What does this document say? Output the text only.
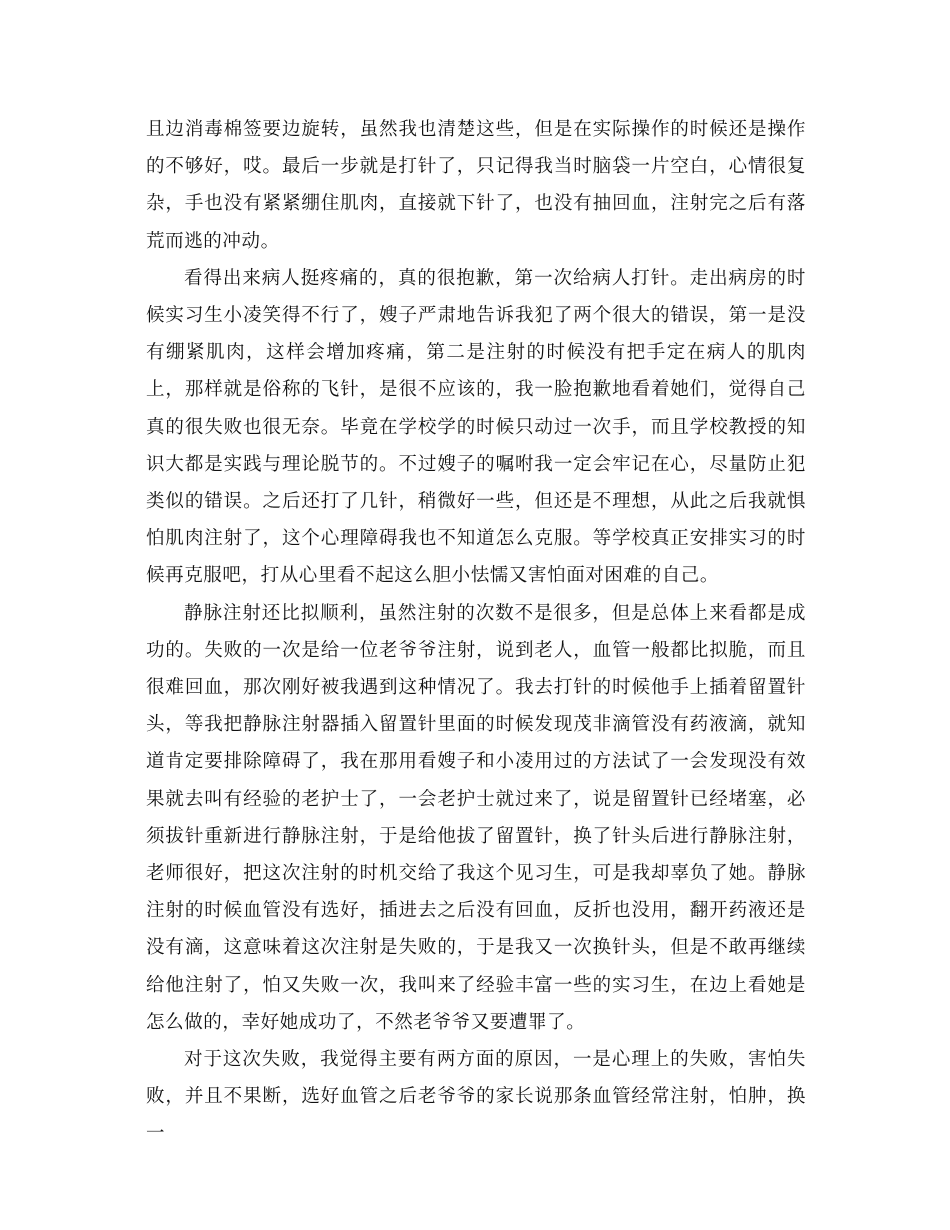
且边消毒棉签要边旋转，虽然我也清楚这些，但是在实际操作的时候还是操作的不够好，哎。最后一步就是打针了，只记得我当时脑袋一片空白，心情很复杂，手也没有紧紧绷住肌肉，直接就下针了，也没有抽回血，注射完之后有落荒而逃的冲动。

看得出来病人挺疼痛的，真的很抱歉，第一次给病人打针。走出病房的时候实习生小凌笑得不行了，嫂子严肃地告诉我犯了两个很大的错误，第一是没有绷紧肌肉，这样会增加疼痛，第二是注射的时候没有把手定在病人的肌肉上，那样就是俗称的飞针，是很不应该的，我一脸抱歉地看着她们，觉得自己真的很失败也很无奈。毕竟在学校学的时候只动过一次手，而且学校教授的知识大都是实践与理论脱节的。不过嫂子的嘱咐我一定会牢记在心，尽量防止犯类似的错误。之后还打了几针，稍微好一些，但还是不理想，从此之后我就惧怕肌肉注射了，这个心理障碍我也不知道怎么克服。等学校真正安排实习的时候再克服吧，打从心里看不起这么胆小怯懦又害怕面对困难的自己。

静脉注射还比拟顺利，虽然注射的次数不是很多，但是总体上来看都是成功的。失败的一次是给一位老爷爷注射，说到老人，血管一般都比拟脆，而且很难回血，那次刚好被我遇到这种情况了。我去打针的时候他手上插着留置针头，等我把静脉注射器插入留置针里面的时候发现茂非滴管没有药液滴，就知道肯定要排除障碍了，我在那用看嫂子和小凌用过的方法试了一会发现没有效果就去叫有经验的老护士了，一会老护士就过来了，说是留置针已经堵塞，必须拔针重新进行静脉注射，于是给他拔了留置针，换了针头后进行静脉注射，老师很好，把这次注射的时机交给了我这个见习生，可是我却辜负了她。静脉注射的时候血管没有选好，插进去之后没有回血，反折也没用，翻开药液还是没有滴，这意味着这次注射是失败的，于是我又一次换针头，但是不敢再继续给他注射了，怕又失败一次，我叫来了经验丰富一些的实习生，在边上看她是怎么做的，幸好她成功了，不然老爷爷又要遭罪了。

对于这次失败，我觉得主要有两方面的原因，一是心理上的失败，害怕失败，并且不果断，选好血管之后老爷爷的家长说那条血管经常注射，怕肿，换一
